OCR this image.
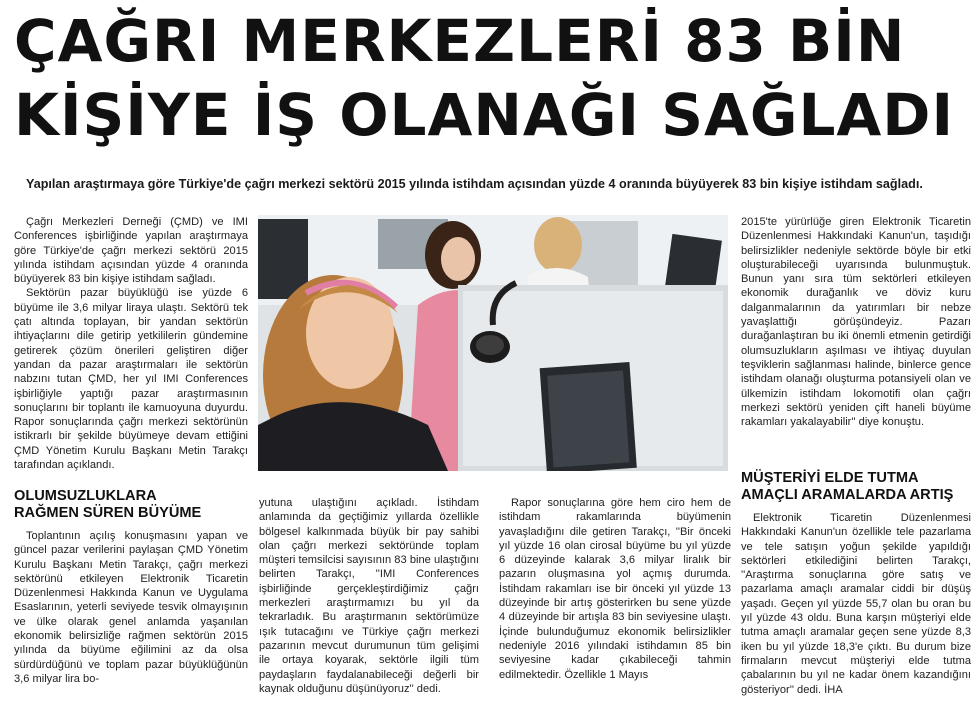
ÇAĞRI MERKEZLERİ 83 BİN
KİŞİYE İŞ OLANAĞI SAĞLADI

Yapılan araştırmaya göre Türkiye'de çağrı merkezi sektörü 2015 yılında istihdam açısından yüzde 4 oranında büyüyerek 83 bin kişiye istihdam sağladı.

Çağrı Merkezleri Derneği (ÇMD) ve IMI Conferences işbirliğinde yapılan araştırmaya göre Türkiye'de çağrı merkezi sektörü 2015 yılında istihdam açısından yüzde 4 oranında büyüyerek 83 bin kişiye istihdam sağladı.

Sektörün pazar büyüklüğü ise yüzde 6 büyüme ile 3,6 milyar liraya ulaştı. Sektörü tek çatı altında toplayan, bir yandan sektörün ihtiyaçlarını dile getirip yetkililerin gündemine getirerek çözüm önerileri geliştiren diğer yandan da pazar araştırmaları ile sektörün nabzını tutan ÇMD, her yıl IMI Conferences işbirliğiyle yaptığı pazar araştırmasının sonuçlarını bir toplantı ile kamuoyuna duyurdu. Rapor sonuçlarında çağrı merkezi sektörünün istikrarlı bir şekilde büyümeye devam ettiğini ÇMD Yönetim Kurulu Başkanı Metin Tarakçı tarafından açıklandı.

OLUMSUZLUKLARA
RAĞMEN SÜREN BÜYÜME

Toplantının açılış konuşmasını yapan ve güncel pazar verilerini paylaşan ÇMD Yönetim Kurulu Başkanı Metin Tarakçı, çağrı merkezi sektörünü etkileyen Elektronik Ticaretin Düzenlenmesi Hakkında Kanun ve Uygulama Esaslarının, yeterli seviyede tesvik olmayışının ve ülke olarak genel anlamda yaşanılan ekonomik belirsizliğe rağmen sektörün 2015 yılında da büyüme eğilimini az da olsa sürdürdüğünü ve toplam pazar büyüklüğünün 3,6 milyar lira bo-

yutuna ulaştığını açıkladı. İstihdam anlamında da geçtiğimiz yıllarda özellikle bölgesel kalkınmada büyük bir pay sahibi olan çağrı merkezi sektöründe toplam müşteri temsilcisi sayısının 83 bine ulaştığını belirten Tarakçı, ''IMI Conferences işbirliğinde gerçekleştirdiğimiz çağrı merkezleri araştırmamızı bu yıl da tekrarladık. Bu araştırmanın sektörümüze ışık tutacağını ve Türkiye çağrı merkezi pazarının mevcut durumunun tüm gelişimi ile ortaya koyarak, sektörle ilgili tüm paydaşların faydalanabileceği değerli bir kaynak olduğunu düşünüyoruz'' dedi.

Rapor sonuçlarına göre hem ciro hem de istihdam rakamlarında büyümenin yavaşladığını dile getiren Tarakçı, ''Bir önceki yıl yüzde 16 olan cirosal büyüme bu yıl yüzde 6 düzeyinde kalarak 3,6 milyar liralık bir pazarın oluşmasına yol açmış durumda. İstihdam rakamları ise bir önceki yıl yüzde 13 düzeyinde bir artış gösterirken bu sene yüzde 4 düzeyinde bir artışla 83 bin seviyesine ulaştı. İçinde bulunduğumuz ekonomik belirsizlikler nedeniyle 2016 yılındaki istihdamın 85 bin seviyesine kadar çıkabileceği tahmin edilmektedir. Özellikle 1 Mayıs

2015'te yürürlüğe giren Elektronik Ticaretin Düzenlenmesi Hakkındaki Kanun'un, taşıdığı belirsizlikler nedeniyle sektörde böyle bir etki oluşturabileceği uyarısında bulunmuştuk. Bunun yanı sıra tüm sektörleri etkileyen ekonomik durağanlık ve döviz kuru dalganmalarının da yatırımları bir nebze yavaşlattığı görüşündeyiz. Pazarı durağanlaştıran bu iki önemli etmenin getirdiği olumsuzlukların aşılması ve ihtiyaç duyulan teşviklerin sağlanması halinde, binlerce gence istihdam olanağı oluşturma potansiyeli olan ve ülkemizin istihdam lokomotifi olan çağrı merkezi sektörü yeniden çift haneli büyüme rakamları yakalayabilir'' diye konuştu.

MÜŞTERİYİ ELDE TUTMA
AMAÇLI ARAMALARDA ARTIŞ

Elektronik Ticaretin Düzenlenmesi Hakkındaki Kanun'un özellikle tele pazarlama ve tele satışın yoğun şekilde yapıldığı sektörleri etkilediğini belirten Tarakçı, ''Araştırma sonuçlarına göre satış ve pazarlama amaçlı aramalar ciddi bir düşüş yaşadı. Geçen yıl yüzde 55,7 olan bu oran bu yıl yüzde 43 oldu. Buna karşın müşteriyi elde tutma amaçlı aramalar geçen sene yüzde 8,3 iken bu yıl yüzde 18,3'e çıktı. Bu durum bize firmaların mevcut müşteriyi elde tutma çabalarının bu yıl ne kadar önem kazandığını gösteriyor'' dedi. İHA
